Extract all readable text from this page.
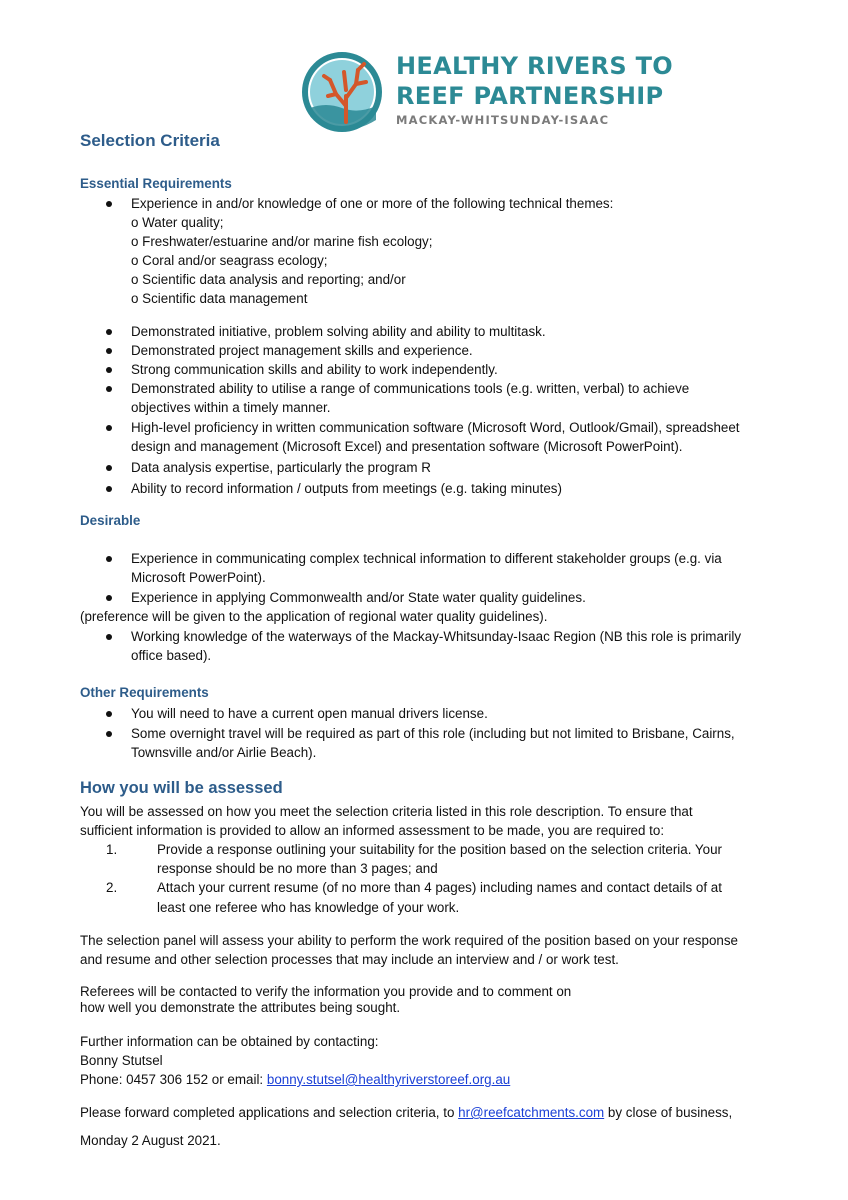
HEALTHY RIVERS TO
REEF PARTNERSHIP
MACKAY-WHITSUNDAY-ISAAC
Selection Criteria
Essential Requirements
Experience in and/or knowledge of one or more of the following technical themes:
o Water quality;
o Freshwater/estuarine and/or marine fish ecology;
o Coral and/or seagrass ecology;
o Scientific data analysis and reporting; and/or
o Scientific data management
Demonstrated initiative, problem solving ability and ability to multitask.
Demonstrated project management skills and experience.
Strong communication skills and ability to work independently.
Demonstrated ability to utilise a range of communications tools (e.g. written, verbal) to achieve
objectives within a timely manner.
High-level proficiency in written communication software (Microsoft Word, Outlook/Gmail), spreadsheet
design and management (Microsoft Excel) and presentation software (Microsoft PowerPoint).
Data analysis expertise, particularly the program R
Ability to record information / outputs from meetings (e.g. taking minutes)
Desirable
Experience in communicating complex technical information to different stakeholder groups (e.g. via
Microsoft PowerPoint).
Experience in applying Commonwealth and/or State water quality guidelines.
(preference will be given to the application of regional water quality guidelines).
Working knowledge of the waterways of the Mackay-Whitsunday-Isaac Region (NB this role is primarily
office based).
Other Requirements
You will need to have a current open manual drivers license.
Some overnight travel will be required as part of this role (including but not limited to Brisbane, Cairns,
Townsville and/or Airlie Beach).
How you will be assessed
You will be assessed on how you meet the selection criteria listed in this role description. To ensure that
sufficient information is provided to allow an informed assessment to be made, you are required to:
1.	Provide a response outlining your suitability for the position based on the selection criteria. Your
response should be no more than 3 pages; and
2.	Attach your current resume (of no more than 4 pages) including names and contact details of at
least one referee who has knowledge of your work.
The selection panel will assess your ability to perform the work required of the position based on your response
and resume and other selection processes that may include an interview and / or work test.
Referees will be contacted to verify the information you provide and to comment on
how well you demonstrate the attributes being sought.
Further information can be obtained by contacting:
Bonny Stutsel
Phone: 0457 306 152 or email: bonny.stutsel@healthyriverstoreef.org.au
Please forward completed applications and selection criteria, to hr@reefcatchments.com by close of business,
Monday 2 August 2021.
